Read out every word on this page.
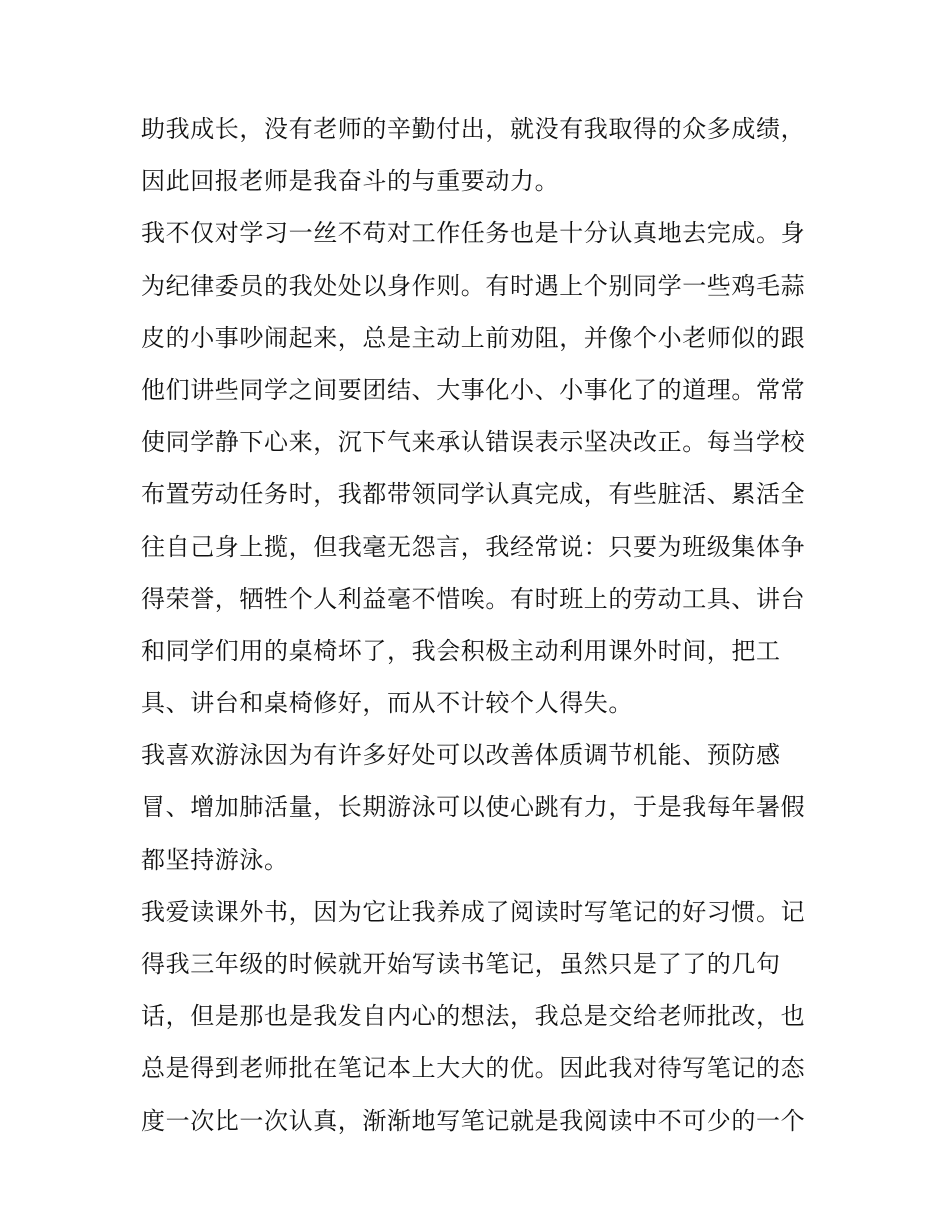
助我成长，没有老师的辛勤付出，就没有我取得的众多成绩，
因此回报老师是我奋斗的与重要动力。
我不仅对学习一丝不苟对工作任务也是十分认真地去完成。身
为纪律委员的我处处以身作则。有时遇上个别同学一些鸡毛蒜
皮的小事吵闹起来，总是主动上前劝阻，并像个小老师似的跟
他们讲些同学之间要团结、大事化小、小事化了的道理。常常
使同学静下心来，沉下气来承认错误表示坚决改正。每当学校
布置劳动任务时，我都带领同学认真完成，有些脏活、累活全
往自己身上揽，但我毫无怨言，我经常说：只要为班级集体争
得荣誉，牺牲个人利益毫不惜唉。有时班上的劳动工具、讲台
和同学们用的桌椅坏了，我会积极主动利用课外时间，把工
具、讲台和桌椅修好，而从不计较个人得失。
我喜欢游泳因为有许多好处可以改善体质调节机能、预防感
冒、增加肺活量，长期游泳可以使心跳有力，于是我每年暑假
都坚持游泳。
我爱读课外书，因为它让我养成了阅读时写笔记的好习惯。记
得我三年级的时候就开始写读书笔记，虽然只是了了的几句
话，但是那也是我发自内心的想法，我总是交给老师批改，也
总是得到老师批在笔记本上大大的优。因此我对待写笔记的态
度一次比一次认真，渐渐地写笔记就是我阅读中不可少的一个
